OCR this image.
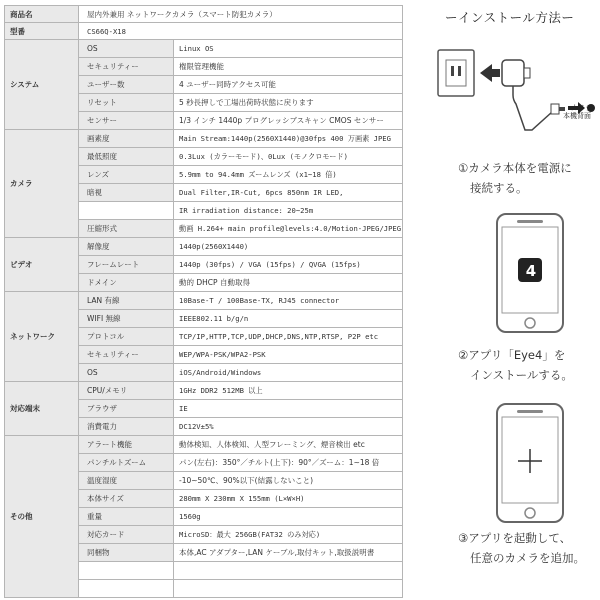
商品名	屋内外兼用 ネットワークカメラ（スマート防犯カメラ）	
型番	CS66Q-X18	
システム	OS	Linux OS
	セキュリティー	権限管理機能
	ユーザー数	4 ユーザー同時アクセス可能
	リセット	5 秒長押しで工場出荷時状態に戻ります
	センサー	1/3 インチ 1440p プログレッシブスキャン CMOS センサー
カメラ	画素度	Main Stream:1440p(2560X1440)@30fps 400 万画素 JPEG
	最低照度	0.3Lux (カラーモード)、0Lux (モノクロモード)
	レンズ	5.9mm to 94.4mm ズームレンズ (x1~18 倍)
	暗視	Dual Filter,IR-Cut, 6pcs 850nm IR LED,
		IR irradiation distance: 20~25m
	圧縮形式	動画 H.264+ main profile@levels:4.0/Motion-JPEG/JPEG
ビデオ	解像度	1440p(2560X1440)
	フレームレート	1440p (30fps) / VGA (15fps) / QVGA (15fps)
	ドメイン	動的 DHCP 自動取得
ネットワーク	LAN 有線	10Base-T / 100Base-TX, RJ45 connector
	WIFI 無線	IEEE802.11 b/g/n
	プロトコル	TCP/IP,HTTP,TCP,UDP,DHCP,DNS,NTP,RTSP, P2P etc
	セキュリティー	WEP/WPA-PSK/WPA2-PSK
	OS	iOS/Android/Windows
対応端末	CPU/メモリ	1GHz DDR2 512MB 以上
	ブラウザ	IE
	消費電力	DC12V±5%
その他	アラート機能	動体検知、人体検知、人型フレーミング、煙音検出 etc
	パンチルトズーム	パン(左右)：350°／チルト(上下)：90°／ズーム：1~18 倍
	温度湿度	-10~50℃、90%以下(結露しないこと)
	本体サイズ	280mm X 230mm X 155mm (L×W×H)
	重量	1560g
	対応カード	MicroSD：最大 256GB(FAT32 のみ対応)
	同梱物	本体,AC アダプター,LAN ケーブル,取付キット,取扱説明書

ーインストール方法ー
カメラ
本機背面
①カメラ本体を電源に
接続する。
4
②アプリ「Eye4」を
インストールする。
③アプリを起動して、
任意のカメラを追加。
